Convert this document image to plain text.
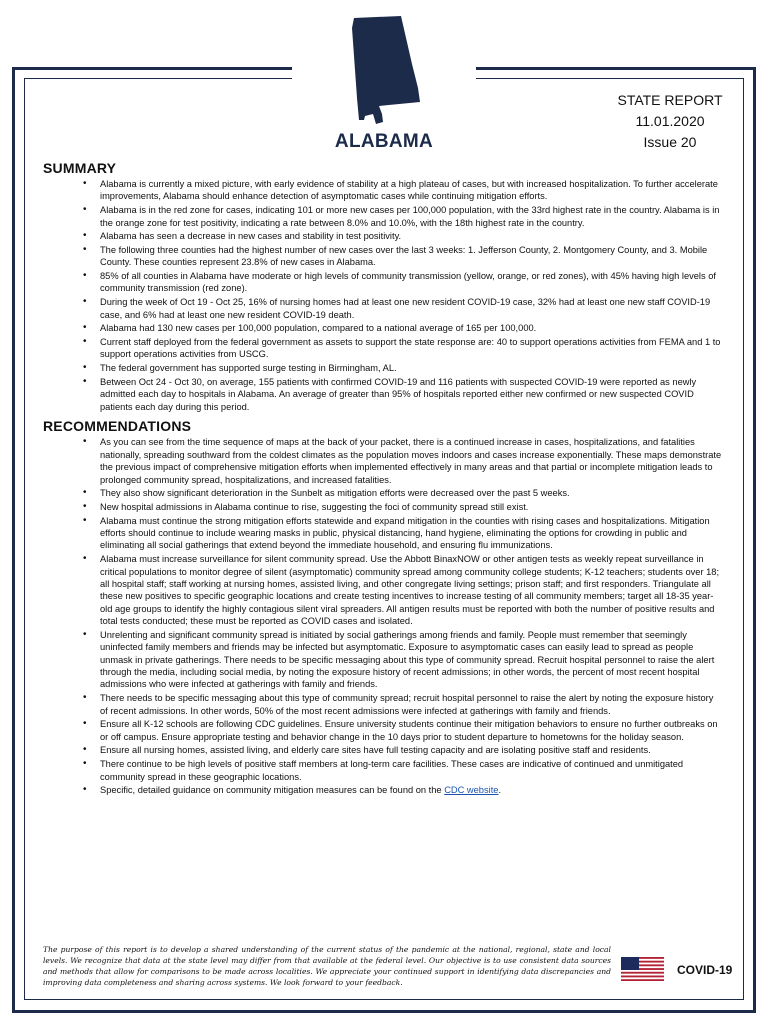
ALABAMA
STATE REPORT
11.01.2020
Issue 20
SUMMARY
• Alabama is currently a mixed picture, with early evidence of stability at a high plateau of cases, but with increased hospitalization. To further accelerate improvements, Alabama should enhance detection of asymptomatic cases while continuing mitigation efforts.
• Alabama is in the red zone for cases, indicating 101 or more new cases per 100,000 population, with the 33rd highest rate in the country. Alabama is in the orange zone for test positivity, indicating a rate between 8.0% and 10.0%, with the 18th highest rate in the country.
• Alabama has seen a decrease in new cases and stability in test positivity.
• The following three counties had the highest number of new cases over the last 3 weeks: 1. Jefferson County, 2. Montgomery County, and 3. Mobile County. These counties represent 23.8% of new cases in Alabama.
• 85% of all counties in Alabama have moderate or high levels of community transmission (yellow, orange, or red zones), with 45% having high levels of community transmission (red zone).
• During the week of Oct 19 - Oct 25, 16% of nursing homes had at least one new resident COVID-19 case, 32% had at least one new staff COVID-19 case, and 6% had at least one new resident COVID-19 death.
• Alabama had 130 new cases per 100,000 population, compared to a national average of 165 per 100,000.
• Current staff deployed from the federal government as assets to support the state response are: 40 to support operations activities from FEMA and 1 to support operations activities from USCG.
• The federal government has supported surge testing in Birmingham, AL.
• Between Oct 24 - Oct 30, on average, 155 patients with confirmed COVID-19 and 116 patients with suspected COVID-19 were reported as newly admitted each day to hospitals in Alabama. An average of greater than 95% of hospitals reported either new confirmed or new suspected COVID patients each day during this period.
RECOMMENDATIONS
• As you can see from the time sequence of maps at the back of your packet, there is a continued increase in cases, hospitalizations, and fatalities nationally, spreading southward from the coldest climates as the population moves indoors and cases increase exponentially. These maps demonstrate the previous impact of comprehensive mitigation efforts when implemented effectively in many areas and that partial or incomplete mitigation leads to prolonged community spread, hospitalizations, and increased fatalities.
• They also show significant deterioration in the Sunbelt as mitigation efforts were decreased over the past 5 weeks.
• New hospital admissions in Alabama continue to rise, suggesting the foci of community spread still exist.
• Alabama must continue the strong mitigation efforts statewide and expand mitigation in the counties with rising cases and hospitalizations. Mitigation efforts should continue to include wearing masks in public, physical distancing, hand hygiene, eliminating the options for crowding in public and eliminating all social gatherings that extend beyond the immediate household, and ensuring flu immunizations.
• Alabama must increase surveillance for silent community spread. Use the Abbott BinaxNOW or other antigen tests as weekly repeat surveillance in critical populations to monitor degree of silent (asymptomatic) community spread among community college students; K-12 teachers; students over 18; all hospital staff; staff working at nursing homes, assisted living, and other congregate living settings; prison staff; and first responders. Triangulate all these new positives to specific geographic locations and create testing incentives to increase testing of all community members; target all 18-35 year-old age groups to identify the highly contagious silent viral spreaders. All antigen results must be reported with both the number of positive results and total tests conducted; these must be reported as COVID cases and isolated.
• Unrelenting and significant community spread is initiated by social gatherings among friends and family. People must remember that seemingly uninfected family members and friends may be infected but asymptomatic. Exposure to asymptomatic cases can easily lead to spread as people unmask in private gatherings. There needs to be specific messaging about this type of community spread. Recruit hospital personnel to raise the alert through the media, including social media, by noting the exposure history of recent admissions; in other words, the percent of most recent hospital admissions who were infected at gatherings with family and friends.
• There needs to be specific messaging about this type of community spread; recruit hospital personnel to raise the alert by noting the exposure history of recent admissions. In other words, 50% of the most recent admissions were infected at gatherings with family and friends.
• Ensure all K-12 schools are following CDC guidelines. Ensure university students continue their mitigation behaviors to ensure no further outbreaks on or off campus. Ensure appropriate testing and behavior change in the 10 days prior to student departure to hometowns for the holiday season.
• Ensure all nursing homes, assisted living, and elderly care sites have full testing capacity and are isolating positive staff and residents.
• There continue to be high levels of positive staff members at long-term care facilities. These cases are indicative of continued and unmitigated community spread in these geographic locations.
• Specific, detailed guidance on community mitigation measures can be found on the CDC website.
The purpose of this report is to develop a shared understanding of the current status of the pandemic at the national, regional, state and local levels. We recognize that data at the state level may differ from that available at the federal level. Our objective is to use consistent data sources and methods that allow for comparisons to be made across localities. We appreciate your continued support in identifying data discrepancies and improving data completeness and sharing across systems. We look forward to your feedback.
COVID-19
